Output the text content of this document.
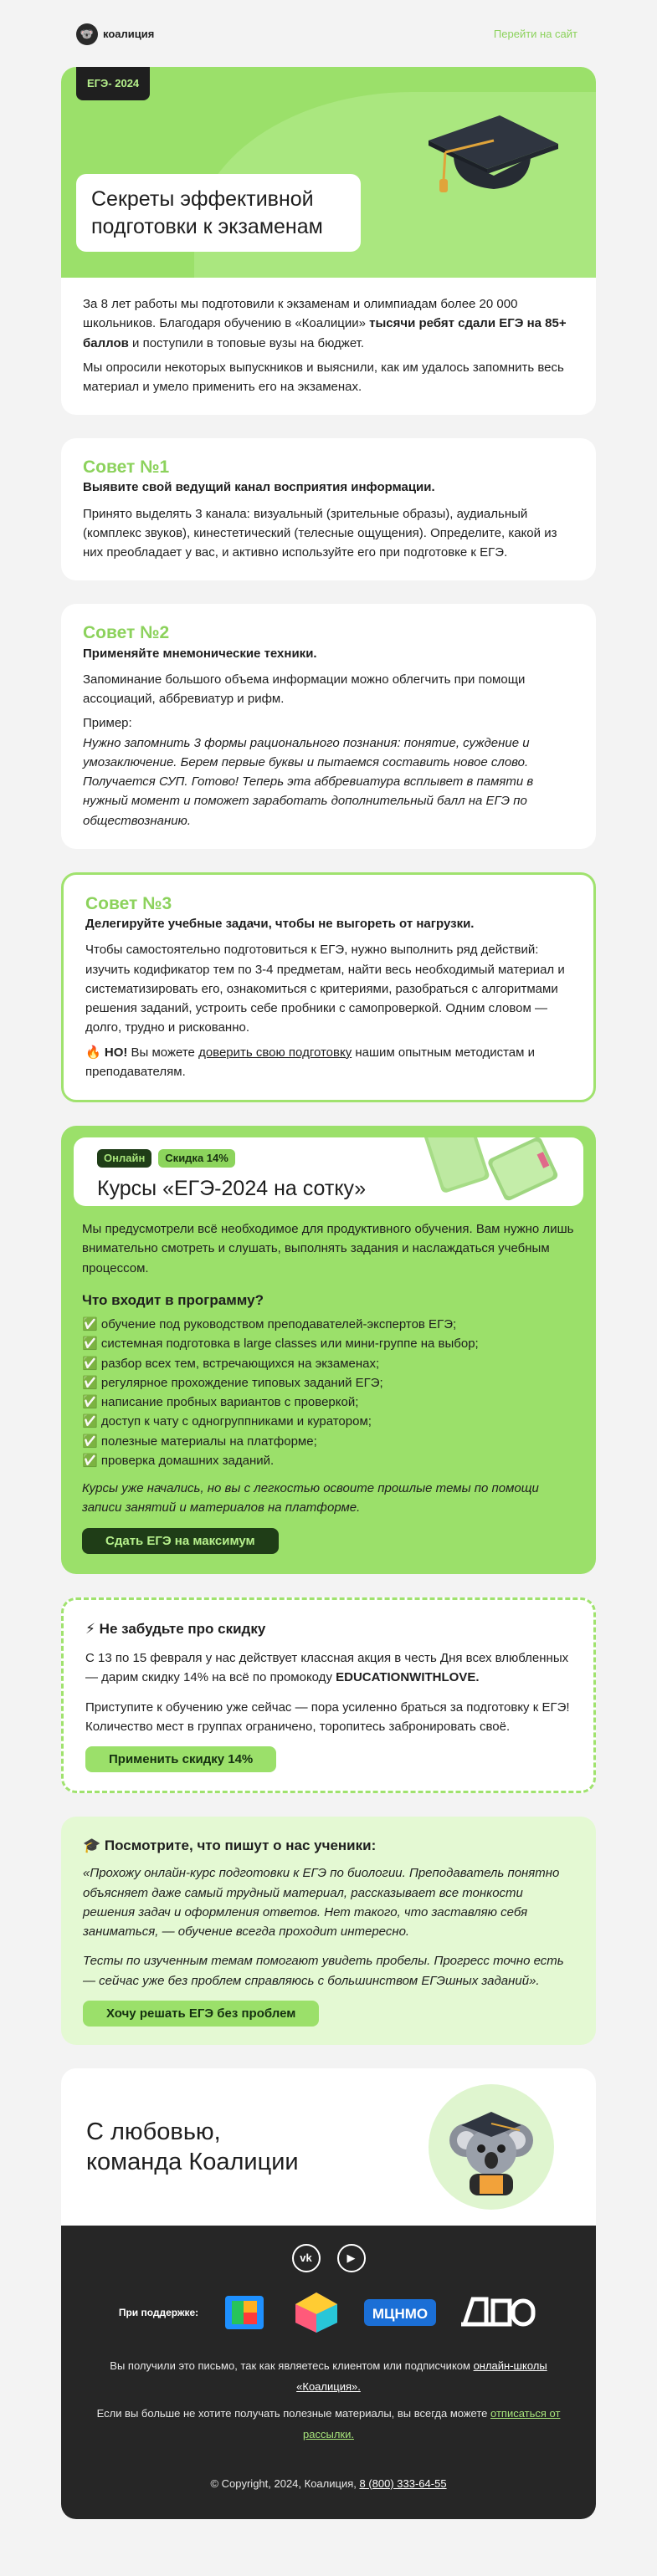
🐨 коалиция	Перейти на сайт
ЕГЭ- 2024
Секреты эффективной подготовки к экзаменам

За 8 лет работы мы подготовили к экзаменам и олимпиадам более 20 000 школьников. Благодаря обучению в «Коалиции» тысячи ребят сдали ЕГЭ на 85+ баллов и поступили в топовые вузы на бюджет.

Мы опросили некоторых выпускников и выяснили, как им удалось запомнить весь материал и умело применить его на экзаменах.

Совет №1
Выявите свой ведущий канал восприятия информации.

Принято выделять 3 канала: визуальный (зрительные образы), аудиальный (комплекс звуков), кинестетический (телесные ощущения). Определите, какой из них преобладает у вас, и активно используйте его при подготовке к ЕГЭ.

Совет №2
Применяйте мнемонические техники.

Запоминание большого объема информации можно облегчить при помощи ассоциаций, аббревиатур и рифм.

Пример:

Нужно запомнить 3 формы рационального познания: понятие, суждение и умозаключение. Берем первые буквы и пытаемся составить новое слово. Получается СУП. Готово! Теперь эта аббревиатура всплывет в памяти в нужный момент и поможет заработать дополнительный балл на ЕГЭ по обществознанию.

Совет №3
Делегируйте учебные задачи, чтобы не выгореть от нагрузки.

Чтобы самостоятельно подготовиться к ЕГЭ, нужно выполнить ряд действий: изучить кодификатор тем по 3-4 предметам, найти весь необходимый материал и систематизировать его, ознакомиться с критериями, разобраться с алгоритмами решения заданий, устроить себе пробники с самопроверкой. Одним словом — долго, трудно и рискованно.

🔥 НО! Вы можете доверить свою подготовку нашим опытным методистам и преподавателям.

Онлайн	Скидка 14%
Курсы «ЕГЭ-2024 на сотку»

Мы предусмотрели всё необходимое для продуктивного обучения. Вам нужно лишь внимательно смотреть и слушать, выполнять задания и наслаждаться учебным процессом.

Что входит в программу?
✅ обучение под руководством преподавателей-экспертов ЕГЭ;
✅ системная подготовка в large classes или мини-группе на выбор;
✅ разбор всех тем, встречающихся на экзаменах;
✅ регулярное прохождение типовых заданий ЕГЭ;
✅ написание пробных вариантов с проверкой;
✅ доступ к чату с одногруппниками и куратором;
✅ полезные материалы на платформе;
✅ проверка домашних заданий.

Курсы уже начались, но вы с легкостью освоите прошлые темы по помощи записи занятий и материалов на платформе.

Сдать ЕГЭ на максимум
⚡ Не забудьте про скидку

С 13 по 15 февраля у нас действует классная акция в честь Дня всех влюбленных — дарим скидку 14% на всё по промокоду EDUCATIONWITHLOVE.

Приступите к обучению уже сейчас — пора усиленно браться за подготовку к ЕГЭ! Количество мест в группах ограничено, торопитесь забронировать своё.

Применить скидку 14%
🎓 Посмотрите, что пишут о нас ученики:

«Прохожу онлайн-курс подготовки к ЕГЭ по биологии. Преподаватель понятно объясняет даже самый трудный материал, рассказывает все тонкости решения задач и оформления ответов. Нет такого, что заставляю себя заниматься, — обучение всегда проходит интересно.

Тесты по изученным темам помогают увидеть пробелы. Прогресс точно есть — сейчас уже без проблем справляюсь с большинством ЕГЭшных заданий».

Хочу решать ЕГЭ без проблем
С любовью,
команда Коалиции
vk	▶
При поддержке:	МЦНМО

Вы получили это письмо, так как являетесь клиентом или подписчиком онлайн-школы «Коалиция».

Если вы больше не хотите получать полезные материалы, вы всегда можете отписаться от рассылки.

© Copyright, 2024, Коалиция, 8 (800) 333-64-55
